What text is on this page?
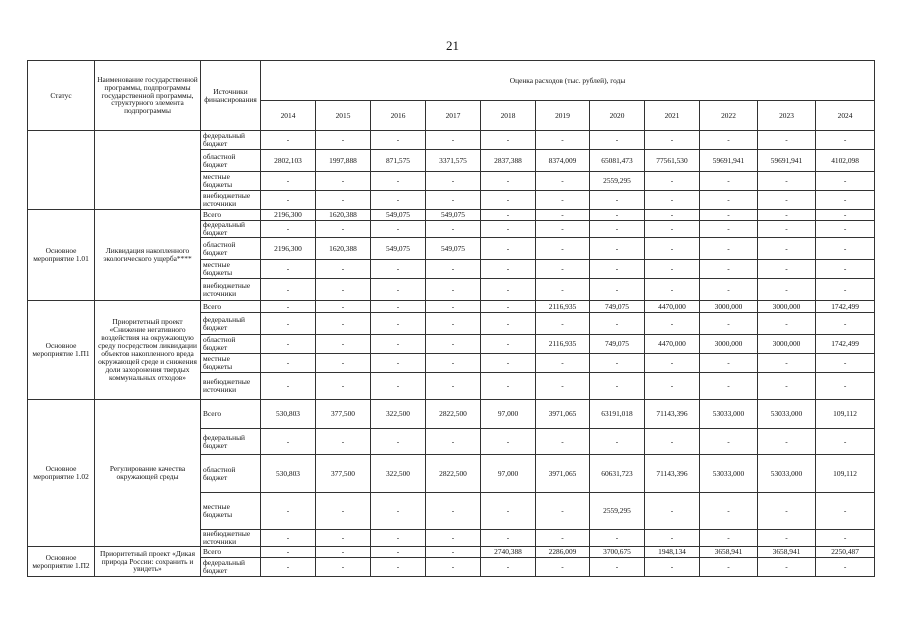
21
Статус	Наименование государственной программы, подпрограммы государственной программы, структурного элемента подпрограммы	Источники финансирования	Оценка расходов (тыс. рублей), годы										
			2014	2015	2016	2017	2018	2019	2020	2021	2022	2023	2024
		федеральный бюджет	-	-	-	-	-	-	-	-	-	-	-
		областной бюджет	2802,103	1997,888	871,575	3371,575	2837,388	8374,009	65081,473	77561,530	59691,941	59691,941	4102,098
		местные бюджеты	-	-	-	-	-	-	2559,295	-	-	-	-
		внебюджетные источники	-	-	-	-	-	-	-	-	-	-	-
Основное мероприятие 1.01	Ликвидация накопленного экологического ущерба****	Всего	2196,300	1620,388	549,075	549,075	-	-	-	-	-	-	-
		федеральный бюджет	-	-	-	-	-	-	-	-	-	-	-
		областной бюджет	2196,300	1620,388	549,075	549,075	-	-	-	-	-	-	-
		местные бюджеты	-	-	-	-	-	-	-	-	-	-	-
		внебюджетные источники	-	-	-	-	-	-	-	-	-	-	-
Основное мероприятие 1.П1	Приоритетный проект «Снижение негативного воздействия на окружающую среду посредством ликвидации объектов накопленного вреда окружающей среде и снижения доли захоронения твердых коммунальных отходов»	Всего	-	-	-	-	-	2116,935	749,075	4470,000	3000,000	3000,000	1742,499
		федеральный бюджет	-	-	-	-	-	-	-	-	-	-	-
		областной бюджет	-	-	-	-	-	2116,935	749,075	4470,000	3000,000	3000,000	1742,499
		местные бюджеты	-	-	-	-	-	-	-	-	-	-	-
		внебюджетные источники	-	-	-	-	-	-	-	-	-	-	-
Основное мероприятие 1.02	Регулирование качества окружающей среды	Всего	530,803	377,500	322,500	2822,500	97,000	3971,065	63191,018	71143,396	53033,000	53033,000	109,112
		федеральный бюджет	-	-	-	-	-	-	-	-	-	-	-
		областной бюджет	530,803	377,500	322,500	2822,500	97,000	3971,065	60631,723	71143,396	53033,000	53033,000	109,112
		местные бюджеты	-	-	-	-	-	-	2559,295	-	-	-	-
		внебюджетные источники	-	-	-	-	-	-	-	-	-	-	-
Основное мероприятие 1.П2	Приоритетный проект «Дикая природа России: сохранить и увидеть»	Всего	-	-	-	-	2740,388	2286,009	3700,675	1948,134	3658,941	3658,941	2250,487
		федеральный бюджет	-	-	-	-	-	-	-	-	-	-	-
